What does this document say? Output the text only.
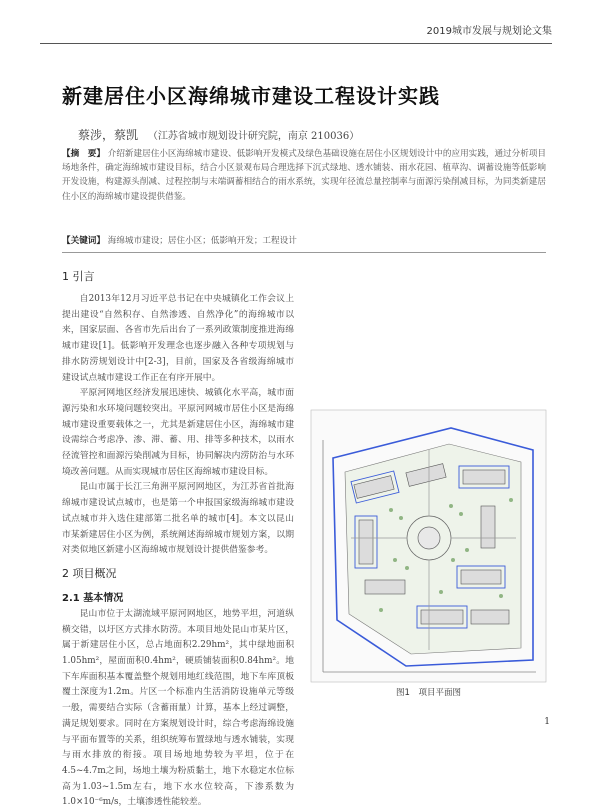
2019城市发展与规划论文集
新建居住小区海绵城市建设工程设计实践
蔡涉，蔡凯 （江苏省城市规划设计研究院，南京 210036）
【摘　要】 介绍新建居住小区海绵城市建设、低影响开发模式及绿色基础设施在居住小区规划设计中的应用实践，通过分析项目场地条件，确定海绵城市建设目标，结合小区景观布局合理选择下沉式绿地、透水铺装、雨水花园、植草沟、调蓄设施等低影响开发设施，构建源头削减、过程控制与末端调蓄相结合的雨水系统，实现年径流总量控制率与面源污染削减目标，为同类新建居住小区的海绵城市建设提供借鉴。
【关键词】 海绵城市建设；居住小区；低影响开发；工程设计
1 引言

自2013年12月习近平总书记在中央城镇化工作会议上提出建设“自然积存、自然渗透、自然净化”的海绵城市以来，国家层面、各省市先后出台了一系列政策制度推进海绵城市建设[1]。低影响开发理念也逐步融入各种专项规划与排水防涝规划设计中[2-3]，目前，国家及各省级海绵城市建设试点城市建设工作正在有序开展中。

平原河网地区经济发展迅速快、城镇化水平高，城市面源污染和水环境问题较突出。平原河网城市居住小区是海绵城市建设重要载体之一，尤其是新建居住小区，海绵城市建设需综合考虑净、渗、滞、蓄、用、排等多种技术，以雨水径流管控和面源污染削减为目标，协同解决内涝防治与水环境改善问题。从而实现城市居住区海绵城市建设目标。

昆山市属于长江三角洲平原河网地区，为江苏省首批海绵城市建设试点城市，也是第一个申报国家级海绵城市建设试点城市并入选住建部第二批名单的城市[4]。本文以昆山市某新建居住小区为例，系统阐述海绵城市规划方案，以期对类似地区新建小区海绵城市规划设计提供借鉴参考。

2 项目概况
2.1 基本情况

昆山市位于太湖流域平原河网地区，地势平坦，河道纵横交错，以圩区方式排水防涝。本项目地处昆山市某片区，属于新建居住小区，总占地面积2.29hm²，其中绿地面积1.05hm²，屋面面积0.4hm²，硬质铺装面积0.84hm²。地下车库面积基本覆盖整个规划用地红线范围，地下车库顶板覆土深度为1.2m。片区一个标准内生活消防设施单元等级一般，需要结合实际（含蓄雨量）计算，基本上经过调整，满足规划要求。同时在方案规划设计时，综合考虑海绵设施与平面布置等的关系，组织统筹布置绿地与透水铺装，实现与雨水排放的衔接。项目场地地势较为平坦，位于在4.5~4.7m之间，场地土壤为粉质黏土，地下水稳定水位标高为1.03~1.5m左右，地下水水位较高，下渗系数为1.0×10⁻⁶m/s，土壤渗透性能较差。

图1　项目平面图
1
